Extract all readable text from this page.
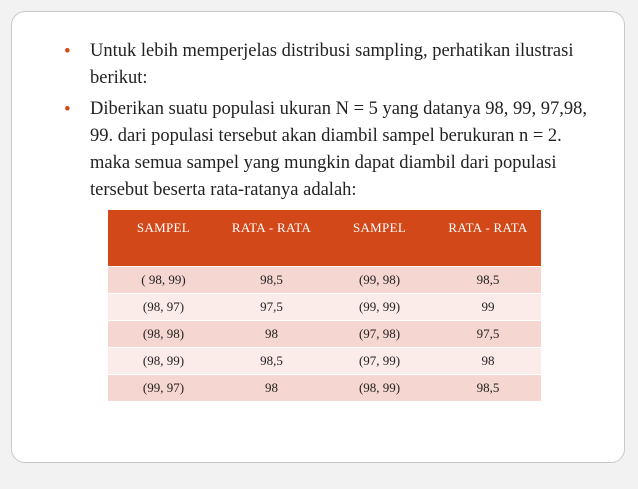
• Untuk lebih memperjelas distribusi sampling, perhatikan ilustrasi berikut:
• Diberikan suatu populasi ukuran N = 5 yang datanya 98, 99, 97,98, 99. dari populasi tersebut akan diambil sampel berukuran n = 2. maka semua sampel yang mungkin dapat diambil dari populasi tersebut beserta rata-ratanya adalah:
SAMPEL	RATA - RATA	SAMPEL	RATA - RATA
( 98, 99)	98,5	(99, 98)	98,5
(98, 97)	97,5	(99, 99)	99
(98, 98)	98	(97, 98)	97,5
(98, 99)	98,5	(97, 99)	98
(99, 97)	98	(98, 99)	98,5
